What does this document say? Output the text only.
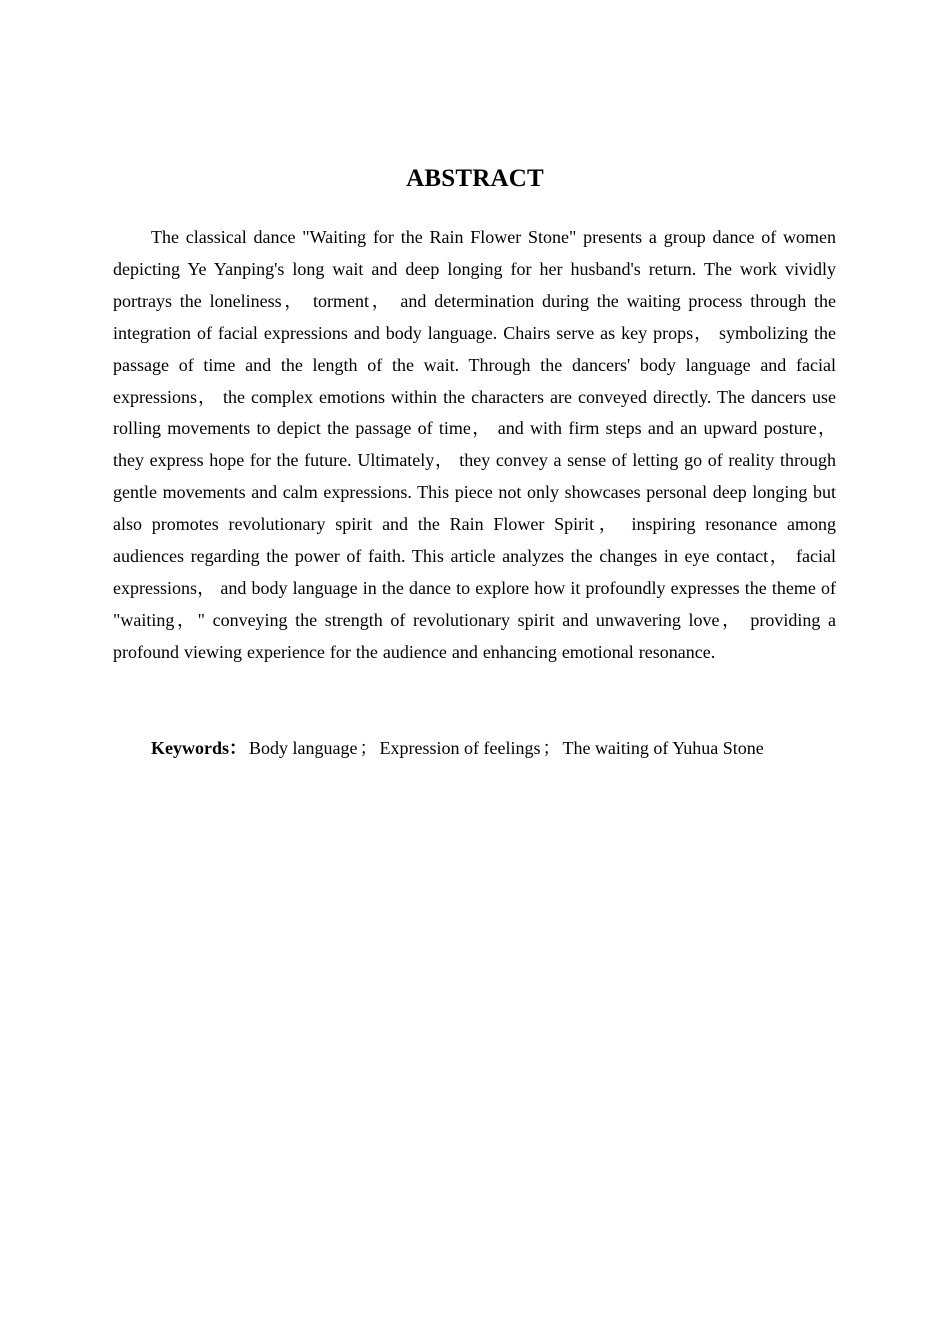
ABSTRACT

The classical dance "Waiting for the Rain Flower Stone" presents a group dance of women depicting Ye Yanping's long wait and deep longing for her husband's return. The work vividly portrays the loneliness， torment， and determination during the waiting process through the integration of facial expressions and body language. Chairs serve as key props， symbolizing the passage of time and the length of the wait. Through the dancers' body language and facial expressions， the complex emotions within the characters are conveyed directly. The dancers use rolling movements to depict the passage of time， and with firm steps and an upward posture， they express hope for the future. Ultimately， they convey a sense of letting go of reality through gentle movements and calm expressions. This piece not only showcases personal deep longing but also promotes revolutionary spirit and the Rain Flower Spirit， inspiring resonance among audiences regarding the power of faith. This article analyzes the changes in eye contact， facial expressions， and body language in the dance to explore how it profoundly expresses the theme of "waiting，" conveying the strength of revolutionary spirit and unwavering love， providing a profound viewing experience for the audience and enhancing emotional resonance.

Keywords： Body language ； Expression of feelings ； The waiting of Yuhua Stone
